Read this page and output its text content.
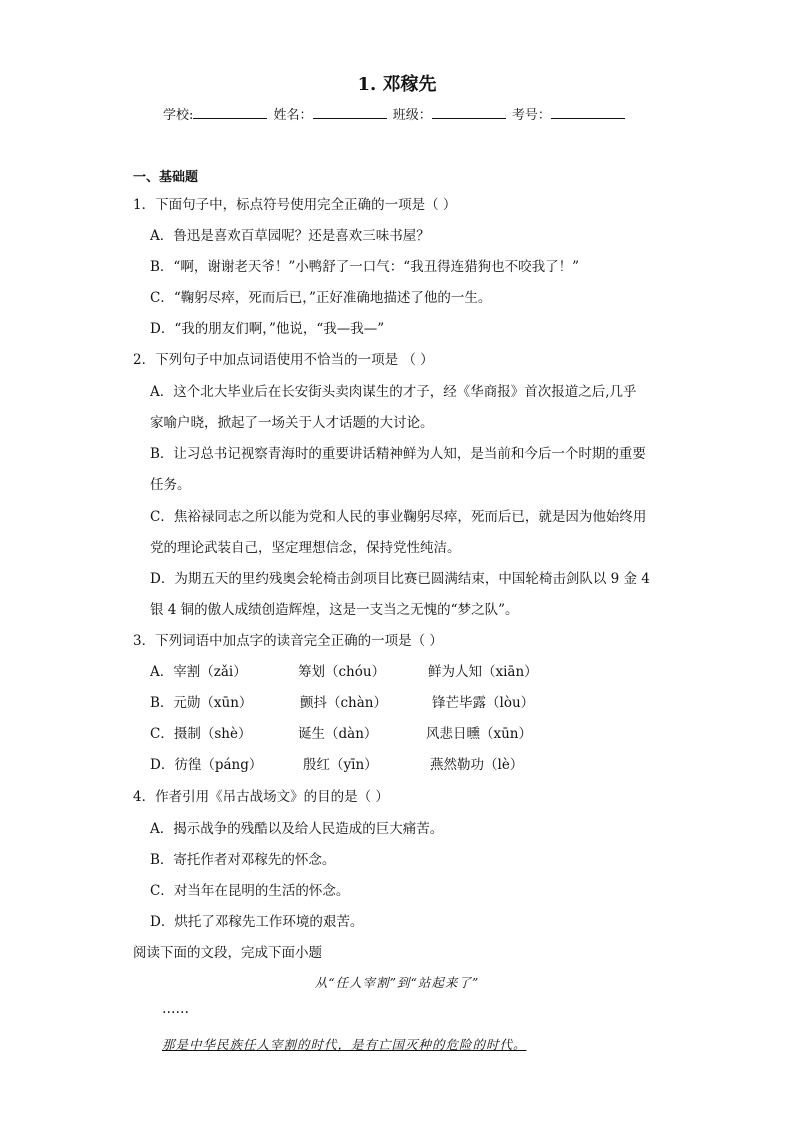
1. 邓稼先
学校:	姓名：	班级：	考号：
一、基础题
1．下面句子中，标点符号使用完全正确的一项是（ ）
A．鲁迅是喜欢百草园呢？还是喜欢三味书屋？
B．“啊，谢谢老天爷！”小鸭舒了一口气：“我丑得连猎狗也不咬我了！”
C．“鞠躬尽瘁，死而后已，”正好准确地描述了他的一生。
D．“我的朋友们啊，”他说，“我—我—”
2．下列句子中加点词语使用不恰当的一项是 （ ）
A．这个北大毕业后在长安街头卖肉谋生的才子，经《华商报》首次报道之后,几乎
家喻户晓，掀起了一场关于人才话题的大讨论。
B．让习总书记视察青海时的重要讲话精神鲜为人知，是当前和今后一个时期的重要
任务。
C．焦裕禄同志之所以能为党和人民的事业鞠躬尽瘁，死而后已，就是因为他始终用
党的理论武装自己，坚定理想信念，保持党性纯洁。
D．为期五天的里约残奥会轮椅击剑项目比赛已圆满结束，中国轮椅击剑队以 9 金 4
银 4 铜的傲人成绩创造辉煌，这是一支当之无愧的“梦之队”。
3．下列词语中加点字的读音完全正确的一项是（ ）
A．宰割（zǎi）	筹划（chóu）	鲜为人知（xiān）
B．元勋（xūn）	颤抖（chàn）	锋芒毕露（lòu）
C．摄制（shè）	诞生（dàn）	风悲日曛（xūn）
D．彷徨（páng）	殷红（yīn）	燕然勒功（lè）
4．作者引用《吊古战场文》的目的是（ ）
A．揭示战争的残酷以及给人民造成的巨大痛苦。
B．寄托作者对邓稼先的怀念。
C．对当年在昆明的生活的怀念。
D．烘托了邓稼先工作环境的艰苦。
阅读下面的文段，完成下面小题
从“任人宰割”到“站起来了”
……
那是中华民族任人宰割的时代，是有亡国灭种的危险的时代。
